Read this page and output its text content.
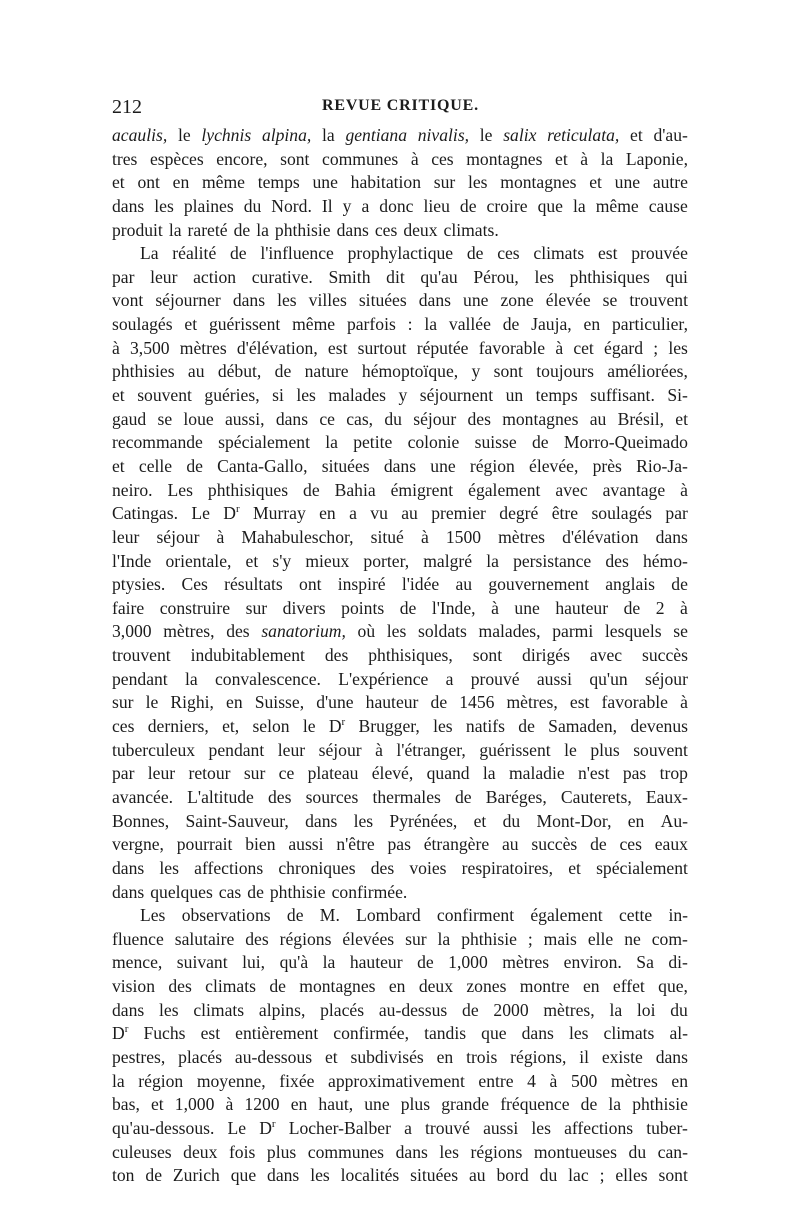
212	REVUE CRITIQUE.
acaulis, le lychnis alpina, la gentiana nivalis, le salix reticulata, et d'au-
tres espèces encore, sont communes à ces montagnes et à la Laponie,
et ont en même temps une habitation sur les montagnes et une autre
dans les plaines du Nord. Il y a donc lieu de croire que la même cause
produit la rareté de la phthisie dans ces deux climats.
La réalité de l'influence prophylactique de ces climats est prouvée
par leur action curative. Smith dit qu'au Pérou, les phthisiques qui
vont séjourner dans les villes situées dans une zone élevée se trouvent
soulagés et guérissent même parfois : la vallée de Jauja, en particulier,
à 3,500 mètres d'élévation, est surtout réputée favorable à cet égard ; les
phthisies au début, de nature hémoptoïque, y sont toujours améliorées,
et souvent guéries, si les malades y séjournent un temps suffisant. Si-
gaud se loue aussi, dans ce cas, du séjour des montagnes au Brésil, et
recommande spécialement la petite colonie suisse de Morro-Queimado
et celle de Canta-Gallo, situées dans une région élevée, près Rio-Ja-
neiro. Les phthisiques de Bahia émigrent également avec avantage à
Catingas. Le $D^r$ Murray en a vu au premier degré être soulagés par
leur séjour à Mahabuleschor, situé à 1500 mètres d'élévation dans
l'Inde orientale, et s'y mieux porter, malgré la persistance des hémo-
ptysies. Ces résultats ont inspiré l'idée au gouvernement anglais de
faire construire sur divers points de l'Inde, à une hauteur de 2 à
3,000 mètres, des sanatorium, où les soldats malades, parmi lesquels se
trouvent indubitablement des phthisiques, sont dirigés avec succès
pendant la convalescence. L'expérience a prouvé aussi qu'un séjour
sur le Righi, en Suisse, d'une hauteur de 1456 mètres, est favorable à
ces derniers, et, selon le $D^r$ Brugger, les natifs de Samaden, devenus
tuberculeux pendant leur séjour à l'étranger, guérissent le plus souvent
par leur retour sur ce plateau élevé, quand la maladie n'est pas trop
avancée. L'altitude des sources thermales de Baréges, Cauterets, Eaux-
Bonnes, Saint-Sauveur, dans les Pyrénées, et du Mont-Dor, en Au-
vergne, pourrait bien aussi n'être pas étrangère au succès de ces eaux
dans les affections chroniques des voies respiratoires, et spécialement
dans quelques cas de phthisie confirmée.
Les observations de M. Lombard confirment également cette in-
fluence salutaire des régions élevées sur la phthisie ; mais elle ne com-
mence, suivant lui, qu'à la hauteur de 1,000 mètres environ. Sa di-
vision des climats de montagnes en deux zones montre en effet que,
dans les climats alpins, placés au-dessus de 2000 mètres, la loi du
$D^r$ Fuchs est entièrement confirmée, tandis que dans les climats al-
pestres, placés au-dessous et subdivisés en trois régions, il existe dans
la région moyenne, fixée approximativement entre 4 à 500 mètres en
bas, et 1,000 à 1200 en haut, une plus grande fréquence de la phthisie
qu'au-dessous. Le $D^r$ Locher-Balber a trouvé aussi les affections tuber-
culeuses deux fois plus communes dans les régions montueuses du can-
ton de Zurich que dans les localités situées au bord du lac ; elles sont
